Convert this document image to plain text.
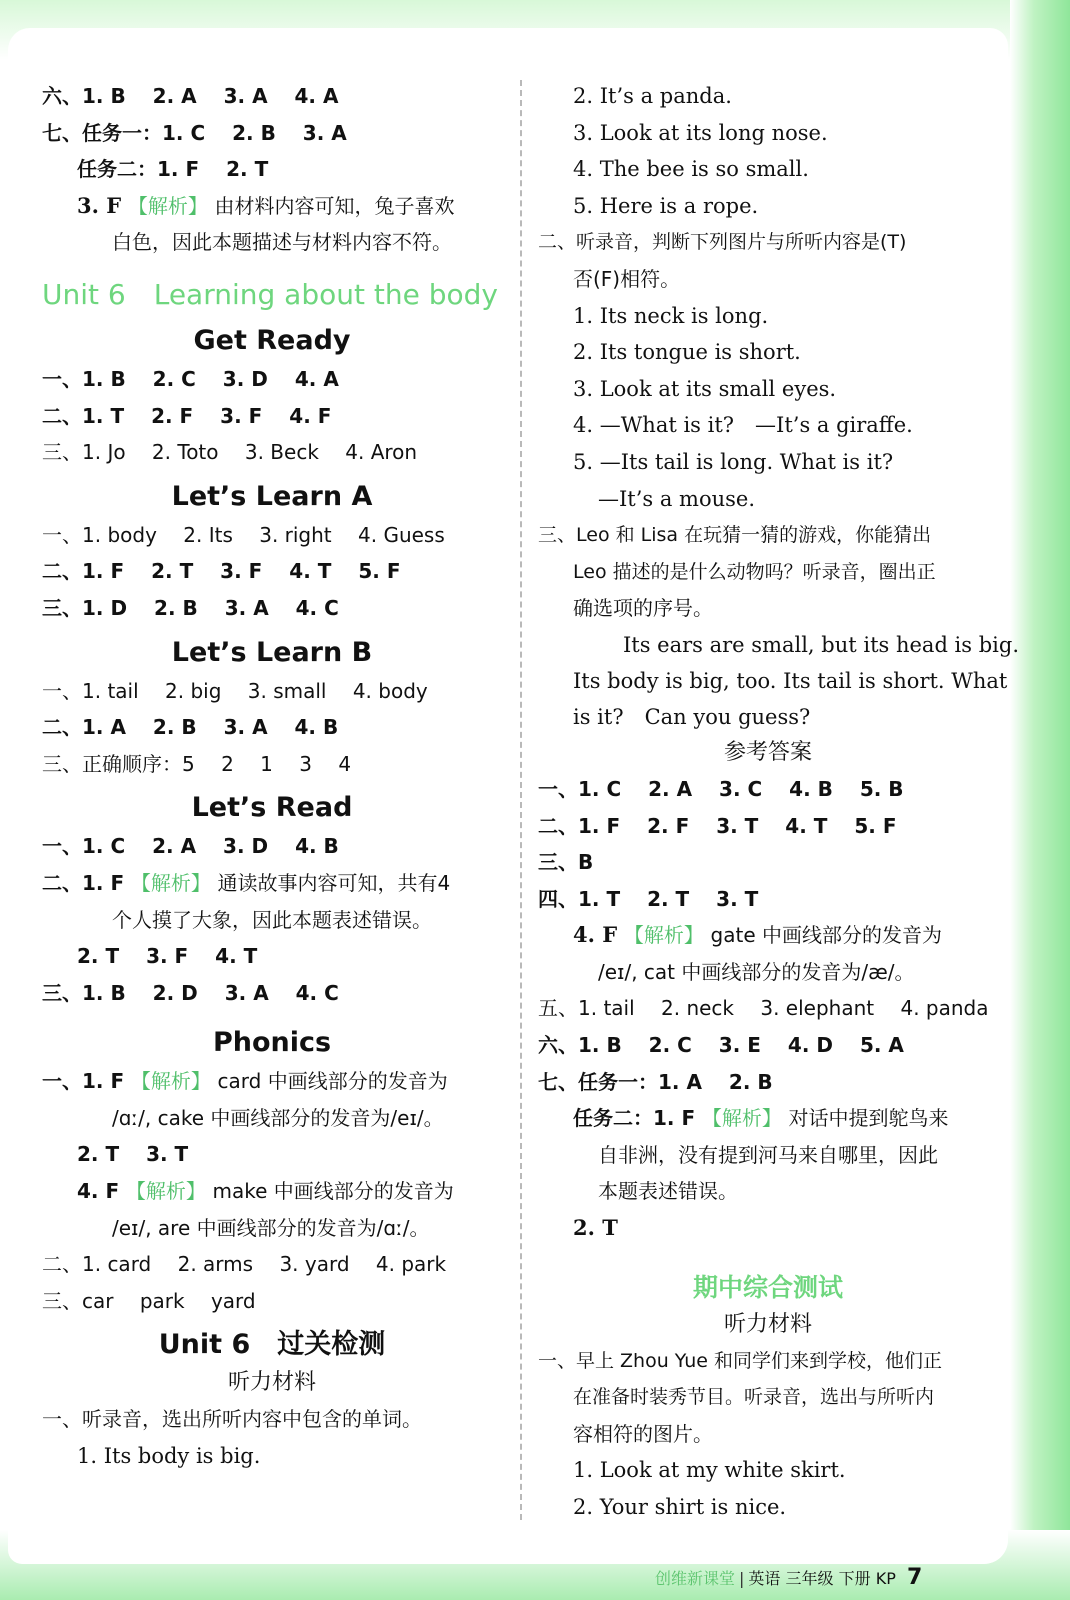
六、1. B　 2. A　 3. A　 4. A
七、任务一：1. C　 2. B　 3. A
任务二：1. F　 2. T
3. F 【解析】 由材料内容可知，兔子喜欢
白色，因此本题描述与材料内容不符。
Unit 6　Learning about the body
Get Ready
一、1. B　 2. C　 3. D　 4. A
二、1. T　 2. F　 3. F　 4. F
三、1. Jo　 2. Toto　 3. Beck　 4. Aron
Let’s Learn A
一、1. body　 2. Its　 3. right　 4. Guess
二、1. F　 2. T　 3. F　 4. T　 5. F
三、1. D　 2. B　 3. A　 4. C
Let’s Learn B
一、1. tail　 2. big　 3. small　 4. body
二、1. A　 2. B　 3. A　 4. B
三、正确顺序：5　 2　 1　 3　 4
Let’s Read
一、1. C　 2. A　 3. D　 4. B
二、1. F 【解析】 通读故事内容可知，共有4
个人摸了大象，因此本题表述错误。
2. T　 3. F　 4. T
三、1. B　 2. D　 3. A　 4. C
Phonics
一、1. F 【解析】 card 中画线部分的发音为
/ɑː/, cake 中画线部分的发音为/eɪ/。
2. T　 3. T
4. F 【解析】 make 中画线部分的发音为
/eɪ/, are 中画线部分的发音为/ɑː/。
二、1. card　 2. arms　 3. yard　 4. park
三、car　 park　 yard
Unit 6　过关检测
听力材料
一、听录音，选出所听内容中包含的单词。
1. Its body is big.
2. It’s a panda.
3. Look at its long nose.
4. The bee is so small.
5. Here is a rope.
二、听录音，判断下列图片与所听内容是(T)
否(F)相符。
1. Its neck is long.
2. Its tongue is short.
3. Look at its small eyes.
4. —What is it?　—It’s a giraffe.
5. —Its tail is long. What is it?
—It’s a mouse.
三、Leo 和 Lisa 在玩猜一猜的游戏，你能猜出
Leo 描述的是什么动物吗？听录音，圈出正
确选项的序号。
Its ears are small, but its head is big.
Its body is big, too. Its tail is short. What
is it?　Can you guess?
参考答案
一、1. C　 2. A　 3. C　 4. B　 5. B
二、1. F　 2. F　 3. T　 4. T　 5. F
三、B
四、1. T　 2. T　 3. T
4. F 【解析】 gate 中画线部分的发音为
/eɪ/, cat 中画线部分的发音为/æ/。
五、1. tail　 2. neck　 3. elephant　 4. panda
六、1. B　 2. C　 3. E　 4. D　 5. A
七、任务一：1. A　 2. B
任务二：1. F 【解析】 对话中提到鸵鸟来
自非洲，没有提到河马来自哪里，因此
本题表述错误。
2. T
期中综合测试
听力材料
一、早上 Zhou Yue 和同学们来到学校，他们正
在准备时装秀节目。听录音，选出与所听内
容相符的图片。
1. Look at my white skirt.
2. Your shirt is nice.
创维新课堂 | 英语 三年级 下册 KP 7
